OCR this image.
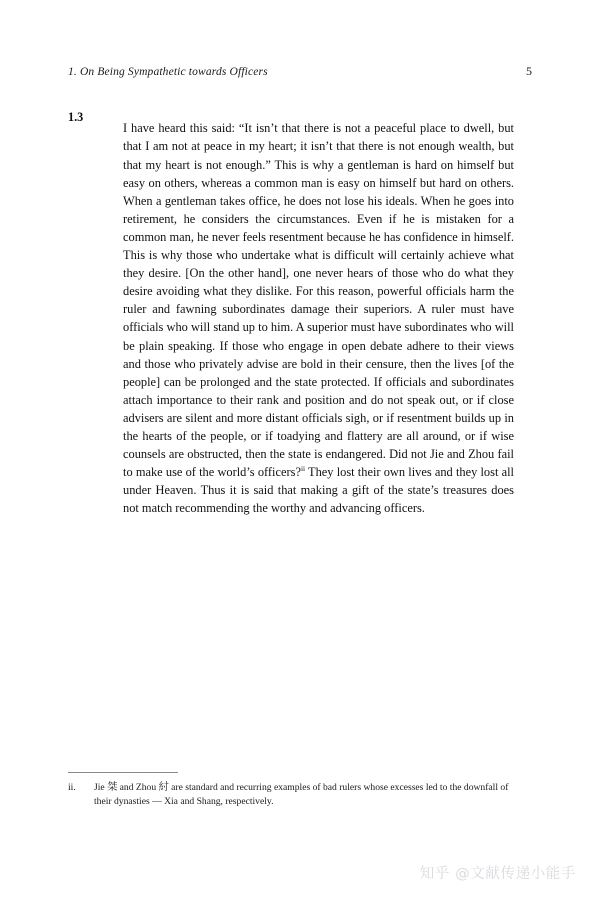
1. On Being Sympathetic towards Officers	5
1.3

I have heard this said: “It isn’t that there is not a peaceful place to dwell, but that I am not at peace in my heart; it isn’t that there is not enough wealth, but that my heart is not enough.” This is why a gentleman is hard on himself but easy on others, whereas a common man is easy on himself but hard on others. When a gentleman takes office, he does not lose his ideals. When he goes into retirement, he considers the circumstances. Even if he is mistaken for a common man, he never feels resentment because he has confidence in himself. This is why those who undertake what is difficult will certainly achieve what they desire. [On the other hand], one never hears of those who do what they desire avoiding what they dislike. For this reason, powerful officials harm the ruler and fawning subordinates damage their superiors. A ruler must have officials who will stand up to him. A superior must have subordinates who will be plain speaking. If those who engage in open debate adhere to their views and those who privately advise are bold in their censure, then the lives [of the people] can be prolonged and the state protected. If officials and subordinates attach importance to their rank and position and do not speak out, or if close advisers are silent and more distant officials sigh, or if resentment builds up in the hearts of the people, or if toadying and flattery are all around, or if wise counsels are obstructed, then the state is endangered. Did not Jie and Zhou fail to make use of the world’s officers?$^{ii}$ They lost their own lives and they lost all under Heaven. Thus it is said that making a gift of the state’s treasures does not match recommending the worthy and advancing officers.

ii.	Jie 桀 and Zhou 紂 are standard and recurring examples of bad rulers whose excesses led to the downfall of their dynasties — Xia and Shang, respectively.
知乎 @文献传递小能手
